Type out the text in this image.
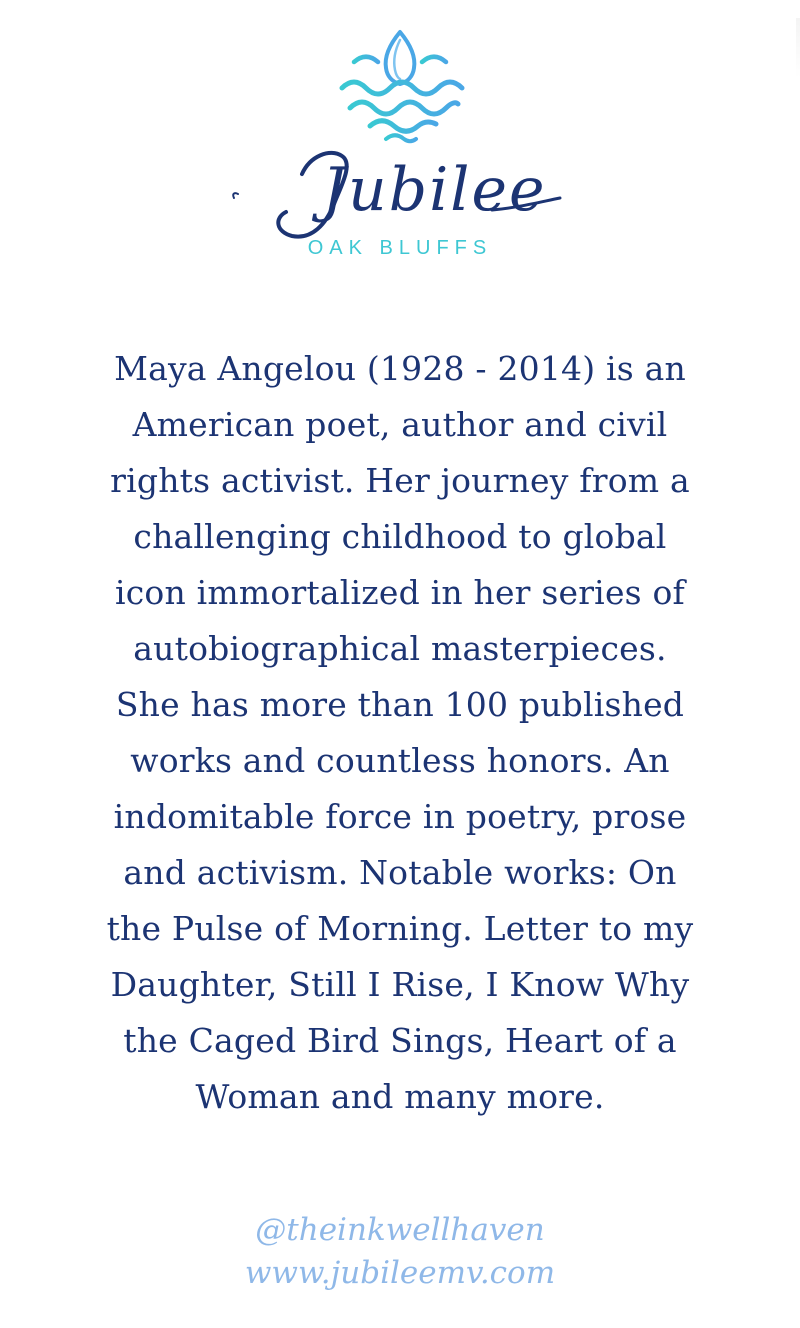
Jubilee
OAK BLUFFS

Maya Angelou (1928 - 2014) is an American poet, author and civil rights activist. Her journey from a challenging childhood to global icon immortalized in her series of autobiographical masterpieces. She has more than 100 published works and countless honors. An indomitable force in poetry, prose and activism. Notable works: On the Pulse of Morning. Letter to my Daughter, Still I Rise, I Know Why the Caged Bird Sings, Heart of a Woman and many more.

@theinkwellhaven
www.jubileemv.com
